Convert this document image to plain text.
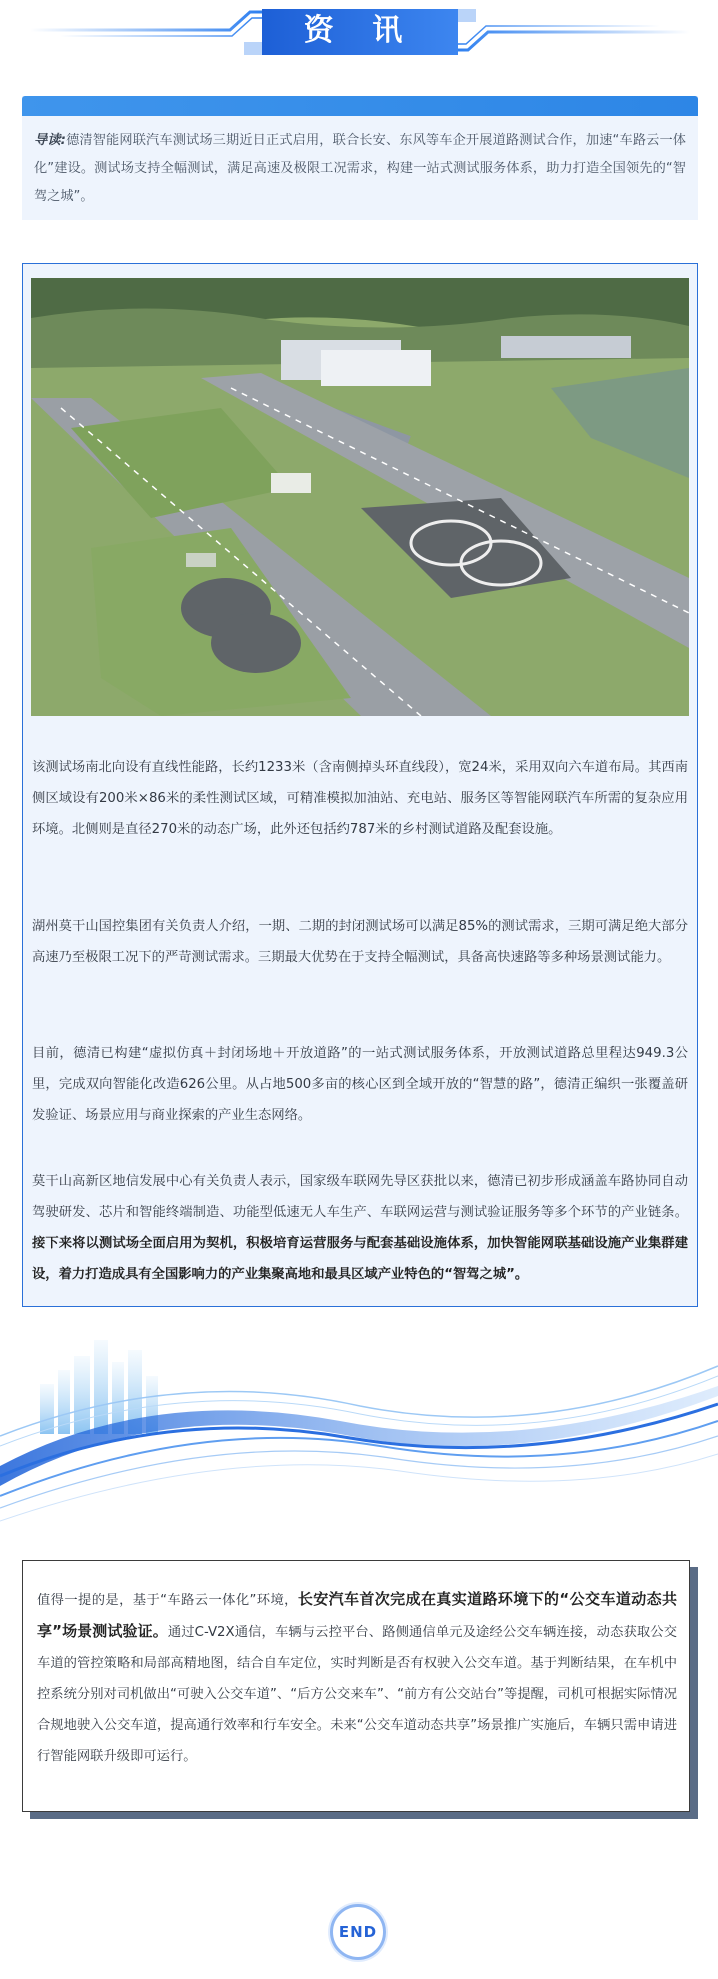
资 讯
导读:德清智能网联汽车测试场三期近日正式启用，联合长安、东风等车企开展道路测试合作，加速“车路云一体化”建设。测试场支持全幅测试，满足高速及极限工况需求，构建一站式测试服务体系，助力打造全国领先的“智驾之城”。
该测试场南北向设有直线性能路，长约1233米（含南侧掉头环直线段），宽24米，采用双向六车道布局。其西南侧区域设有200米×86米的柔性测试区域，可精准模拟加油站、充电站、服务区等智能网联汽车所需的复杂应用环境。北侧则是直径270米的动态广场，此外还包括约787米的乡村测试道路及配套设施。
湖州莫干山国控集团有关负责人介绍，一期、二期的封闭测试场可以满足85%的测试需求，三期可满足绝大部分高速乃至极限工况下的严苛测试需求。三期最大优势在于支持全幅测试，具备高快速路等多种场景测试能力。
目前，德清已构建“虚拟仿真＋封闭场地＋开放道路”的一站式测试服务体系，开放测试道路总里程达949.3公里，完成双向智能化改造626公里。从占地500多亩的核心区到全域开放的“智慧的路”，德清正编织一张覆盖研发验证、场景应用与商业探索的产业生态网络。
莫干山高新区地信发展中心有关负责人表示，国家级车联网先导区获批以来，德清已初步形成涵盖车路协同自动驾驶研发、芯片和智能终端制造、功能型低速无人车生产、车联网运营与测试验证服务等多个环节的产业链条。接下来将以测试场全面启用为契机，积极培育运营服务与配套基础设施体系，加快智能网联基础设施产业集群建设，着力打造成具有全国影响力的产业集聚高地和最具区域产业特色的“智驾之城”。
值得一提的是，基于“车路云一体化”环境，长安汽车首次完成在真实道路环境下的“公交车道动态共享”场景测试验证。通过C-V2X通信，车辆与云控平台、路侧通信单元及途经公交车辆连接，动态获取公交车道的管控策略和局部高精地图，结合自车定位，实时判断是否有权驶入公交车道。基于判断结果，在车机中控系统分别对司机做出“可驶入公交车道”、“后方公交来车”、“前方有公交站台”等提醒，司机可根据实际情况合规地驶入公交车道，提高通行效率和行车安全。未来“公交车道动态共享”场景推广实施后，车辆只需申请进行智能网联升级即可运行。
END
